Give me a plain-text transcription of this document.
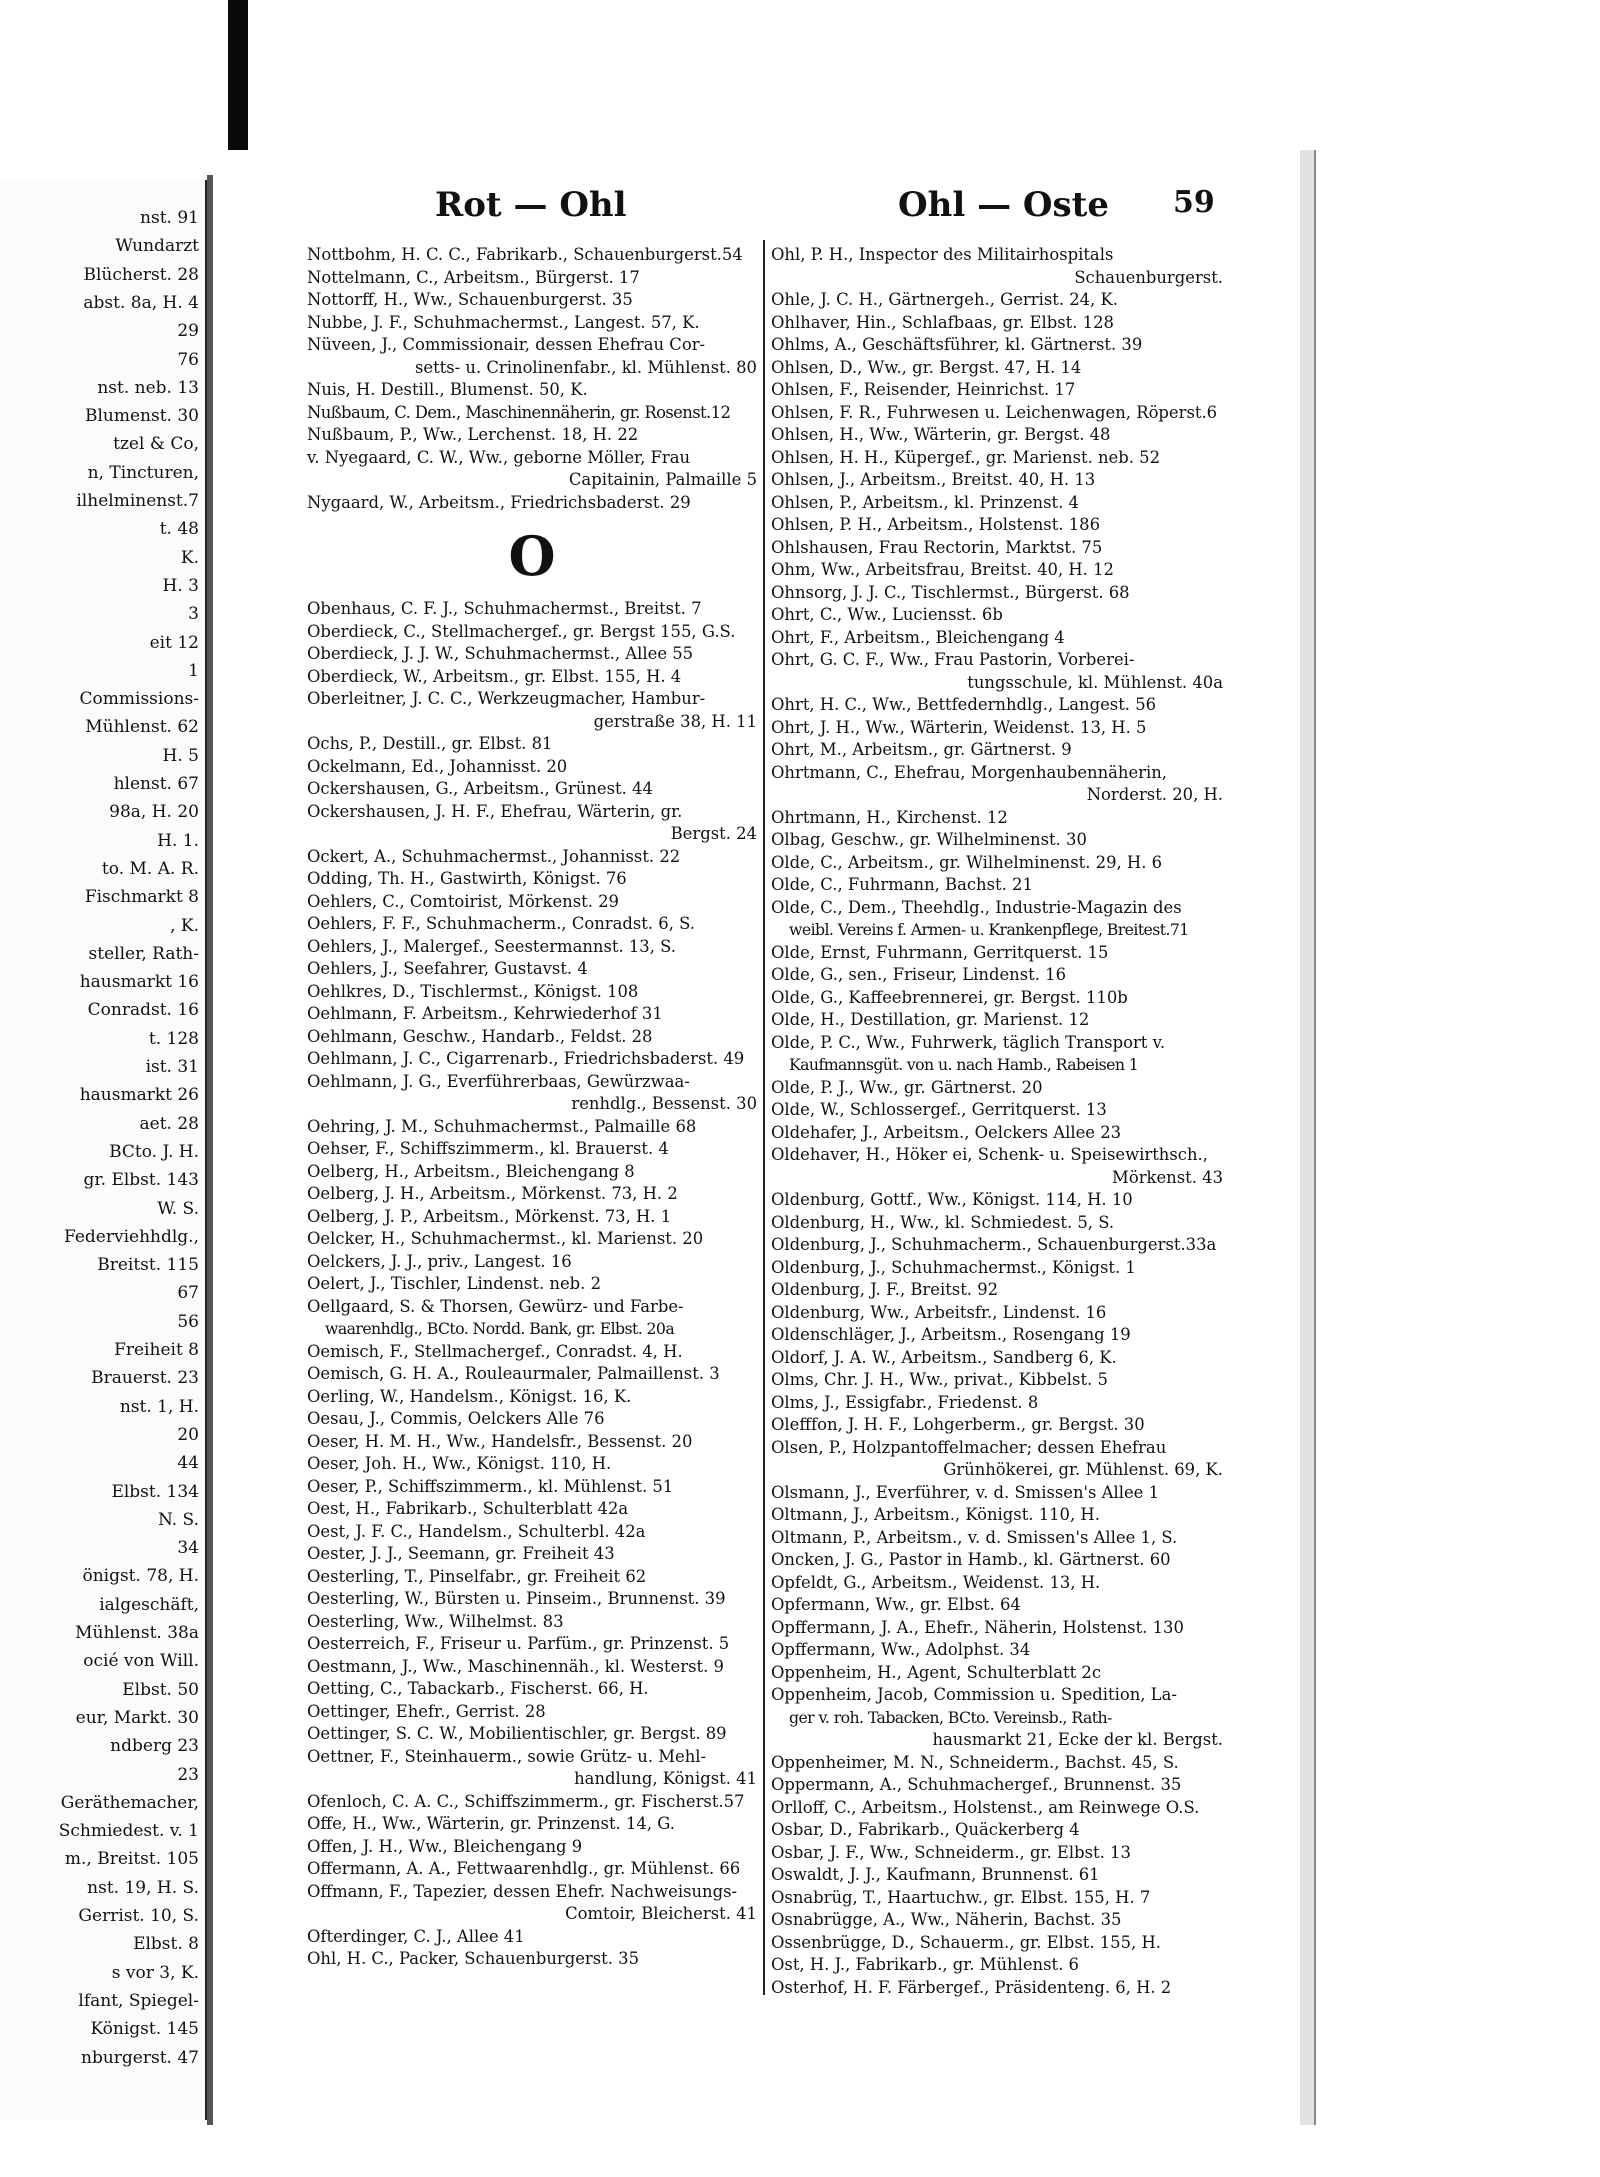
nst. 91
Wundarzt
Blücherst. 28
abst. 8a, H. 4
29
76
nst. neb. 13
Blumenst. 30
tzel & Co,
n, Tincturen,
ilhelminenst.7
t. 48
K.
H. 3
3
eit 12
1
Commissions-
Mühlenst. 62
H. 5
hlenst. 67
98a, H. 20
H. 1.
to. M. A. R.
Fischmarkt 8
, K.
steller, Rath-
hausmarkt 16
Conradst. 16
t. 128
ist. 31
hausmarkt 26
aet. 28
BCto. J. H.
gr. Elbst. 143
W. S.
Federviehhdlg.,
Breitst. 115
67
56
Freiheit 8
Brauerst. 23
nst. 1, H.
20
44
Elbst. 134
N. S.
34
önigst. 78, H.
ialgeschäft,
Mühlenst. 38a
ocié von Will.
Elbst. 50
eur, Markt. 30
ndberg 23
23
Geräthemacher,
Schmiedest. v. 1
m., Breitst. 105
nst. 19, H. S.
Gerrist. 10, S.
Elbst. 8
s vor 3, K.
lfant, Spiegel-
Königst. 145
nburgerst. 47
Rot — Ohl	Ohl — Oste 59
Nottbohm, H. C. C., Fabrikarb., Schauenburgerst.54
Nottelmann, C., Arbeitsm., Bürgerst. 17
Nottorff, H., Ww., Schauenburgerst. 35
Nubbe, J. F., Schuhmachermst., Langest. 57, K.
Nüveen, J., Commissionair, dessen Ehefrau Cor-
setts- u. Crinolinenfabr., kl. Mühlenst. 80
Nuis, H. Destill., Blumenst. 50, K.
Nußbaum, C. Dem., Maschinennäherin, gr. Rosenst.12
Nußbaum, P., Ww., Lerchenst. 18, H. 22
v. Nyegaard, C. W., Ww., geborne Möller, Frau
Capitainin, Palmaille 5
Nygaard, W., Arbeitsm., Friedrichsbaderst. 29
O
Obenhaus, C. F. J., Schuhmachermst., Breitst. 7
Oberdieck, C., Stellmachergef., gr. Bergst 155, G.S.
Oberdieck, J. J. W., Schuhmachermst., Allee 55
Oberdieck, W., Arbeitsm., gr. Elbst. 155, H. 4
Oberleitner, J. C. C., Werkzeugmacher, Hambur-
gerstraße 38, H. 11
Ochs, P., Destill., gr. Elbst. 81
Ockelmann, Ed., Johannisst. 20
Ockershausen, G., Arbeitsm., Grünest. 44
Ockershausen, J. H. F., Ehefrau, Wärterin, gr.
Bergst. 24
Ockert, A., Schuhmachermst., Johannisst. 22
Odding, Th. H., Gastwirth, Königst. 76
Oehlers, C., Comtoirist, Mörkenst. 29
Oehlers, F. F., Schuhmacherm., Conradst. 6, S.
Oehlers, J., Malergef., Seestermannst. 13, S.
Oehlers, J., Seefahrer, Gustavst. 4
Oehlkres, D., Tischlermst., Königst. 108
Oehlmann, F. Arbeitsm., Kehrwiederhof 31
Oehlmann, Geschw., Handarb., Feldst. 28
Oehlmann, J. C., Cigarrenarb., Friedrichsbaderst. 49
Oehlmann, J. G., Everführerbaas, Gewürzwaa-
renhdlg., Bessenst. 30
Oehring, J. M., Schuhmachermst., Palmaille 68
Oehser, F., Schiffszimmerm., kl. Brauerst. 4
Oelberg, H., Arbeitsm., Bleichengang 8
Oelberg, J. H., Arbeitsm., Mörkenst. 73, H. 2
Oelberg, J. P., Arbeitsm., Mörkenst. 73, H. 1
Oelcker, H., Schuhmachermst., kl. Marienst. 20
Oelckers, J. J., priv., Langest. 16
Oelert, J., Tischler, Lindenst. neb. 2
Oellgaard, S. & Thorsen, Gewürz- und Farbe-
waarenhdlg., BCto. Nordd. Bank, gr. Elbst. 20a
Oemisch, F., Stellmachergef., Conradst. 4, H.
Oemisch, G. H. A., Rouleaurmaler, Palmaillenst. 3
Oerling, W., Handelsm., Königst. 16, K.
Oesau, J., Commis, Oelckers Alle 76
Oeser, H. M. H., Ww., Handelsfr., Bessenst. 20
Oeser, Joh. H., Ww., Königst. 110, H.
Oeser, P., Schiffszimmerm., kl. Mühlenst. 51
Oest, H., Fabrikarb., Schulterblatt 42a
Oest, J. F. C., Handelsm., Schulterbl. 42a
Oester, J. J., Seemann, gr. Freiheit 43
Oesterling, T., Pinselfabr., gr. Freiheit 62
Oesterling, W., Bürsten u. Pinseim., Brunnenst. 39
Oesterling, Ww., Wilhelmst. 83
Oesterreich, F., Friseur u. Parfüm., gr. Prinzenst. 5
Oestmann, J., Ww., Maschinennäh., kl. Westerst. 9
Oetting, C., Tabackarb., Fischerst. 66, H.
Oettinger, Ehefr., Gerrist. 28
Oettinger, S. C. W., Mobilientischler, gr. Bergst. 89
Oettner, F., Steinhauerm., sowie Grütz- u. Mehl-
handlung, Königst. 41
Ofenloch, C. A. C., Schiffszimmerm., gr. Fischerst.57
Offe, H., Ww., Wärterin, gr. Prinzenst. 14, G.
Offen, J. H., Ww., Bleichengang 9
Offermann, A. A., Fettwaarenhdlg., gr. Mühlenst. 66
Offmann, F., Tapezier, dessen Ehefr. Nachweisungs-
Comtoir, Bleicherst. 41
Ofterdinger, C. J., Allee 41
Ohl, H. C., Packer, Schauenburgerst. 35
Ohl, P. H., Inspector des Militairhospitals
Schauenburgerst.
Ohle, J. C. H., Gärtnergeh., Gerrist. 24, K.
Ohlhaver, Hin., Schlafbaas, gr. Elbst. 128
Ohlms, A., Geschäftsführer, kl. Gärtnerst. 39
Ohlsen, D., Ww., gr. Bergst. 47, H. 14
Ohlsen, F., Reisender, Heinrichst. 17
Ohlsen, F. R., Fuhrwesen u. Leichenwagen, Röperst.6
Ohlsen, H., Ww., Wärterin, gr. Bergst. 48
Ohlsen, H. H., Küpergef., gr. Marienst. neb. 52
Ohlsen, J., Arbeitsm., Breitst. 40, H. 13
Ohlsen, P., Arbeitsm., kl. Prinzenst. 4
Ohlsen, P. H., Arbeitsm., Holstenst. 186
Ohlshausen, Frau Rectorin, Marktst. 75
Ohm, Ww., Arbeitsfrau, Breitst. 40, H. 12
Ohnsorg, J. J. C., Tischlermst., Bürgerst. 68
Ohrt, C., Ww., Luciensst. 6b
Ohrt, F., Arbeitsm., Bleichengang 4
Ohrt, G. C. F., Ww., Frau Pastorin, Vorberei-
tungsschule, kl. Mühlenst. 40a
Ohrt, H. C., Ww., Bettfedernhdlg., Langest. 56
Ohrt, J. H., Ww., Wärterin, Weidenst. 13, H. 5
Ohrt, M., Arbeitsm., gr. Gärtnerst. 9
Ohrtmann, C., Ehefrau, Morgenhaubennäherin,
Norderst. 20, H.
Ohrtmann, H., Kirchenst. 12
Olbag, Geschw., gr. Wilhelminenst. 30
Olde, C., Arbeitsm., gr. Wilhelminenst. 29, H. 6
Olde, C., Fuhrmann, Bachst. 21
Olde, C., Dem., Theehdlg., Industrie-Magazin des
weibl. Vereins f. Armen- u. Krankenpflege, Breitest.71
Olde, Ernst, Fuhrmann, Gerritquerst. 15
Olde, G., sen., Friseur, Lindenst. 16
Olde, G., Kaffeebrennerei, gr. Bergst. 110b
Olde, H., Destillation, gr. Marienst. 12
Olde, P. C., Ww., Fuhrwerk, täglich Transport v.
Kaufmannsgüt. von u. nach Hamb., Rabeisen 1
Olde, P. J., Ww., gr. Gärtnerst. 20
Olde, W., Schlossergef., Gerritquerst. 13
Oldehafer, J., Arbeitsm., Oelckers Allee 23
Oldehaver, H., Höker ei, Schenk- u. Speisewirthsch.,
Mörkenst. 43
Oldenburg, Gottf., Ww., Königst. 114, H. 10
Oldenburg, H., Ww., kl. Schmiedest. 5, S.
Oldenburg, J., Schuhmacherm., Schauenburgerst.33a
Oldenburg, J., Schuhmachermst., Königst. 1
Oldenburg, J. F., Breitst. 92
Oldenburg, Ww., Arbeitsfr., Lindenst. 16
Oldenschläger, J., Arbeitsm., Rosengang 19
Oldorf, J. A. W., Arbeitsm., Sandberg 6, K.
Olms, Chr. J. H., Ww., privat., Kibbelst. 5
Olms, J., Essigfabr., Friedenst. 8
Olefffon, J. H. F., Lohgerberm., gr. Bergst. 30
Olsen, P., Holzpantoffelmacher; dessen Ehefrau
Grünhökerei, gr. Mühlenst. 69, K.
Olsmann, J., Everführer, v. d. Smissen's Allee 1
Oltmann, J., Arbeitsm., Königst. 110, H.
Oltmann, P., Arbeitsm., v. d. Smissen's Allee 1, S.
Oncken, J. G., Pastor in Hamb., kl. Gärtnerst. 60
Opfeldt, G., Arbeitsm., Weidenst. 13, H.
Opfermann, Ww., gr. Elbst. 64
Opffermann, J. A., Ehefr., Näherin, Holstenst. 130
Opffermann, Ww., Adolphst. 34
Oppenheim, H., Agent, Schulterblatt 2c
Oppenheim, Jacob, Commission u. Spedition, La-
ger v. roh. Tabacken, BCto. Vereinsb., Rath-
hausmarkt 21, Ecke der kl. Bergst.
Oppenheimer, M. N., Schneiderm., Bachst. 45, S.
Oppermann, A., Schuhmachergef., Brunnenst. 35
Orlloff, C., Arbeitsm., Holstenst., am Reinwege O.S.
Osbar, D., Fabrikarb., Quäckerberg 4
Osbar, J. F., Ww., Schneiderm., gr. Elbst. 13
Oswaldt, J. J., Kaufmann, Brunnenst. 61
Osnabrüg, T., Haartuchw., gr. Elbst. 155, H. 7
Osnabrügge, A., Ww., Näherin, Bachst. 35
Ossenbrügge, D., Schauerm., gr. Elbst. 155, H.
Ost, H. J., Fabrikarb., gr. Mühlenst. 6
Osterhof, H. F. Färbergef., Präsidenteng. 6, H. 2
